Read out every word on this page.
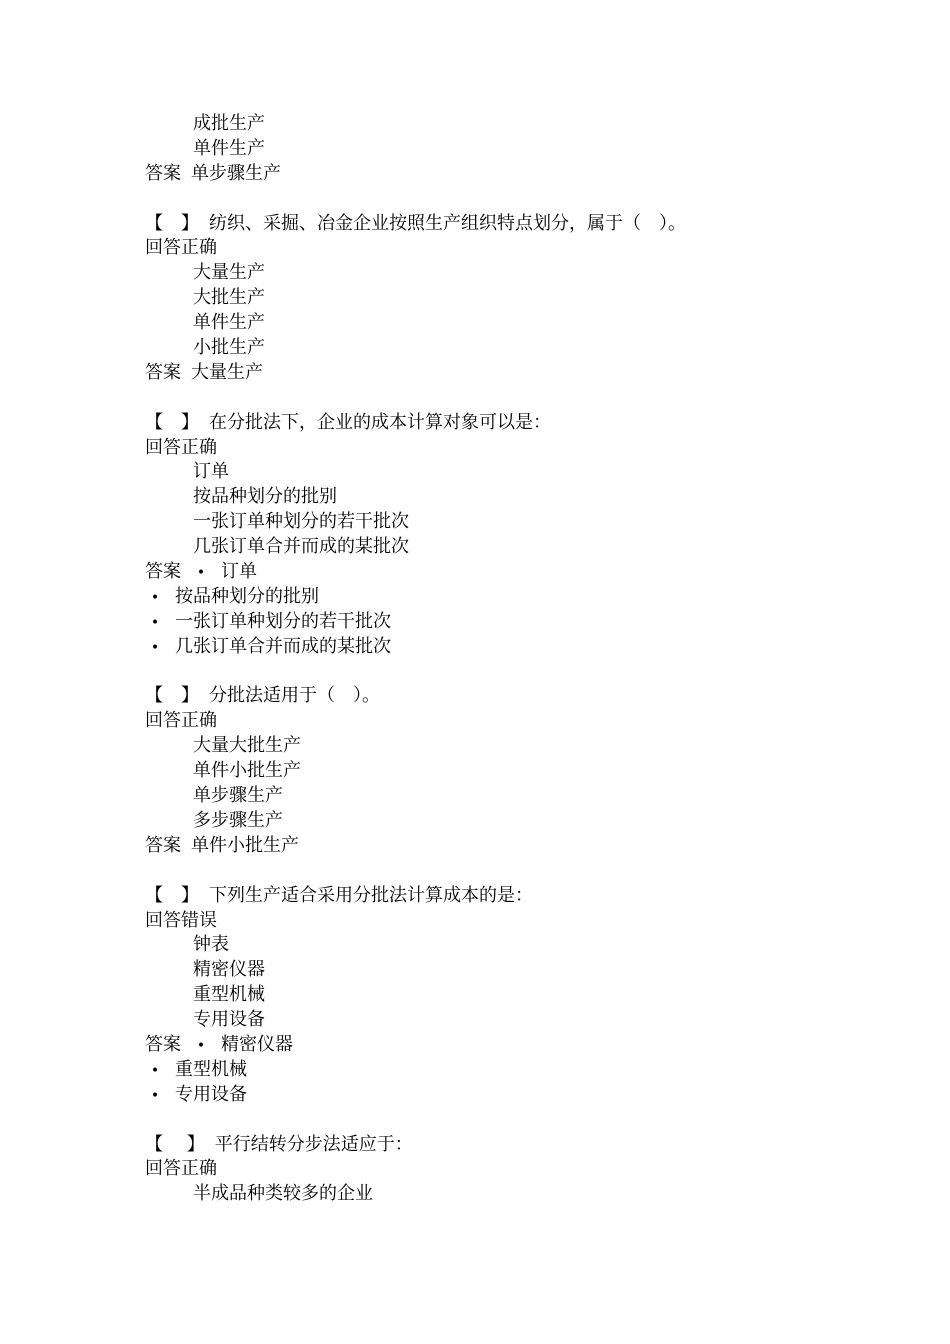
成批生产
单件生产
答案 单步骤生产
【　】 纺织、采掘、冶金企业按照生产组织特点划分，属于（　）。
回答正确
大量生产
大批生产
单件生产
小批生产
答案 大量生产
【　】 在分批法下，企业的成本计算对象可以是：
回答正确
订单
按品种划分的批别
一张订单种划分的若干批次
几张订单合并而成的某批次
答案 • 订单
• 按品种划分的批别
• 一张订单种划分的若干批次
• 几张订单合并而成的某批次
【　】 分批法适用于（　）。
回答正确
大量大批生产
单件小批生产
单步骤生产
多步骤生产
答案 单件小批生产
【　】 下列生产适合采用分批法计算成本的是：
回答错误
钟表
精密仪器
重型机械
专用设备
答案 • 精密仪器
• 重型机械
• 专用设备
【　 】 平行结转分步法适应于：
回答正确
半成品种类较多的企业
